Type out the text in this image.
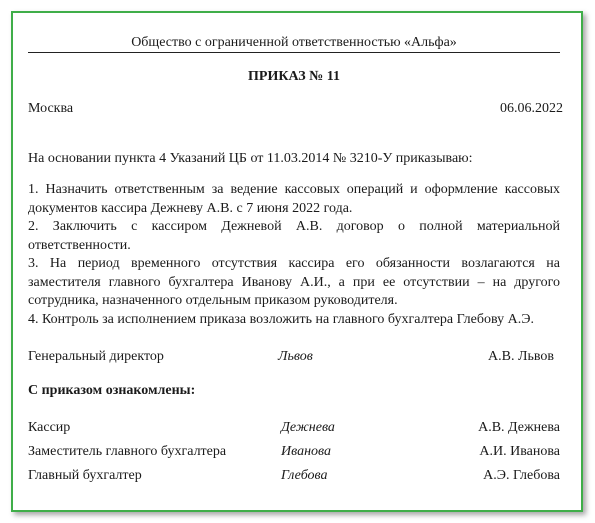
Общество с ограниченной ответственностью «Альфа»
ПРИКАЗ № 11
Москва	06.06.2022
На основании пункта 4 Указаний ЦБ от 11.03.2014 № 3210-У приказываю:

1. Назначить ответственным за ведение кассовых операций и оформление кассовых документов кассира Дежневу А.В. с 7 июня 2022 года.

2. Заключить с кассиром Дежневой А.В. договор о полной материальной ответственности.

3. На период временного отсутствия кассира его обязанности возлагаются на заместителя главного бухгалтера Иванову А.И., а при ее отсутствии – на другого сотрудника, назначенного отдельным приказом руководителя.

4. Контроль за исполнением приказа возложить на главного бухгалтера Глебову А.Э.

Генеральный директор	Львов	А.В. Львов
С приказом ознакомлены:
Кассир	Дежнева	А.В. Дежнева
Заместитель главного бухгалтера	Иванова	А.И. Иванова
Главный бухгалтер	Глебова	А.Э. Глебова
